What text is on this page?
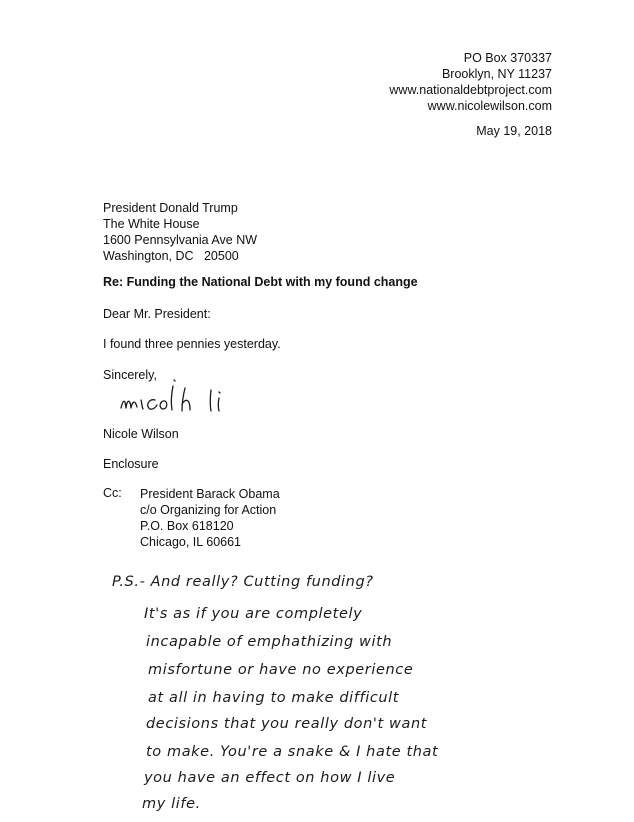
PO Box 370337
Brooklyn, NY 11237
www.nationaldebtproject.com
www.nicolewilson.com
May 19, 2018
President Donald Trump
The White House
1600 Pennsylvania Ave NW
Washington, DC   20500
Re: Funding the National Debt with my found change
Dear Mr. President:
I found three pennies yesterday.
Sincerely,
Nicole Wilson
Enclosure
Cc: President Barack Obama
c/o Organizing for Action
P.O. Box 618120
Chicago, IL 60661
P.S.- And really? Cutting funding?
It's as if you are completely
incapable of emphathizing with
misfortune or have no experience
at all in having to make difficult
decisions that you really don't want
to make. You're a snake & I hate that
you have an effect on how I live
my life.
